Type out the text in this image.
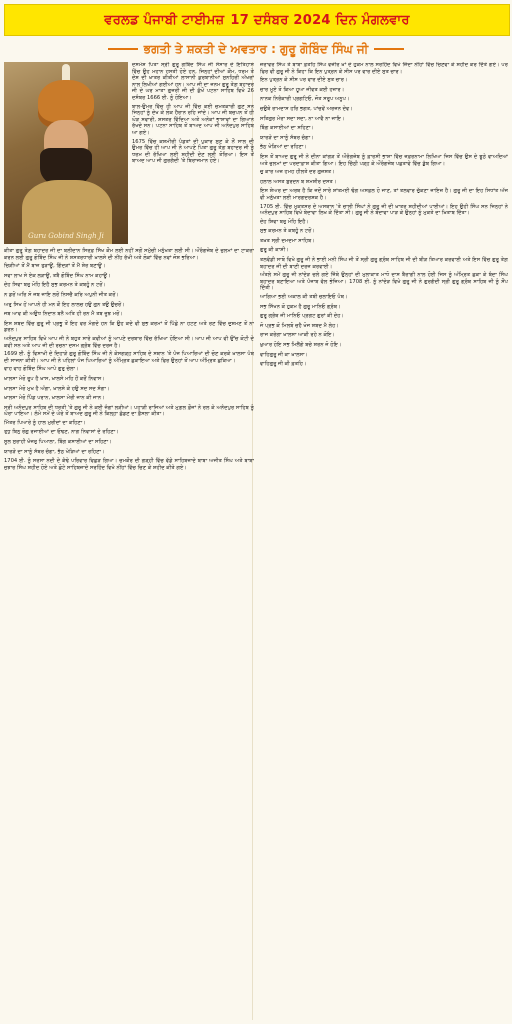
ਵਰਲਡ ਪੰਜਾਬੀ ਟਾਈਮਜ਼ 17 ਦਸੰਬਰ 2024 ਦਿਨ ਮੰਗਲਵਾਰ
ਭਗਤੀ ਤੇ ਸ਼ਕਤੀ ਦੇ ਅਵਤਾਰ : ਗੁਰੂ ਗੋਬਿੰਦ ਸਿੰਘ ਜੀ
Guru Gobind Singh Ji
ਦਸਮੇਸ਼ ਪਿਤਾ ਸ੍ਰੀ ਗੁਰੂ ਗੋਬਿੰਦ ਸਿੰਘ ਜੀ ਸੰਸਾਰ ਦੇ ਇਤਿਹਾਸ ਵਿੱਚ ਉਹ ਮਹਾਨ ਹਸਤੀ ਹੋਏ ਹਨ, ਜਿਨ੍ਹਾਂ ਦੀਆਂ ਕੌਮ, ਧਰਮ ਤੇ ਦੇਸ਼ ਦੀ ਖ਼ਾਤਰ ਕੀਤੀਆਂ ਲਾਸਾਨੀ ਕੁਰਬਾਨੀਆਂ ਸੁਨਹਿਰੀ ਅੱਖਰਾਂ ਨਾਲ ਲਿਖੀਆਂ ਗਈਆਂ ਹਨ। ਆਪ ਜੀ ਦਾ ਜਨਮ ਗੁਰੂ ਤੇਗ਼ ਬਹਾਦਰ ਜੀ ਦੇ ਘਰ ਮਾਤਾ ਗੁਜਰੀ ਜੀ ਦੀ ਕੁੱਖੋਂ ਪਟਨਾ ਸਾਹਿਬ ਵਿਖੇ 26 ਦਸੰਬਰ 1666 ਈ. ਨੂੰ ਹੋਇਆ।
ਬਾਲ-ਉਮਰ ਵਿੱਚ ਹੀ ਆਪ ਜੀ ਵਿੱਚ ਕਈ ਚਮਤਕਾਰੀ ਗੁਣ ਸਨ ਜਿਨ੍ਹਾਂ ਨੂੰ ਦੇਖ ਕੇ ਲੋਕ ਹੈਰਾਨ ਰਹਿ ਜਾਂਦੇ। ਆਪ ਜੀ ਬਚਪਨ ਤੋਂ ਹੀ ਘੋੜ ਸਵਾਰੀ, ਸ਼ਸਤਰ ਵਿੱਦਿਆ ਅਤੇ ਅਨੇਕਾਂ ਭਾਸ਼ਾਵਾਂ ਦਾ ਗਿਆਨ ਰੱਖਦੇ ਸਨ। ਪਟਨਾ ਸਾਹਿਬ ਤੋਂ ਬਾਅਦ ਆਪ ਜੀ ਅਨੰਦਪੁਰ ਸਾਹਿਬ ਆ ਗਏ।
1675 ਵਿੱਚ ਕਸ਼ਮੀਰੀ ਪੰਡਤਾਂ ਦੀ ਪੁਕਾਰ ਸੁਣ ਕੇ ਨੌਂ ਸਾਲ ਦੀ ਉਮਰ ਵਿੱਚ ਹੀ ਆਪ ਜੀ ਨੇ ਆਪਣੇ ਪਿਤਾ ਗੁਰੂ ਤੇਗ਼ ਬਹਾਦਰ ਜੀ ਨੂੰ ਧਰਮ ਦੀ ਰੱਖਿਆ ਲਈ ਸ਼ਹੀਦੀ ਦੇਣ ਲਈ ਤੋਰਿਆ। ਇਸ ਤੋਂ ਬਾਅਦ ਆਪ ਜੀ ਗੁਰਗੱਦੀ 'ਤੇ ਬਿਰਾਜਮਾਨ ਹੋਏ।
ਕੀਤਾ ਗੁਰੂ ਤੇਗ਼ ਬਹਾਦਰ ਜੀ ਦਾ ਬਲੀਦਾਨ ਸਿਰਫ਼ ਸਿੱਖ ਕੌਮ ਲਈ ਨਹੀਂ ਸਗੋਂ ਸਮੁੱਚੀ ਮਨੁੱਖਤਾ ਲਈ ਸੀ। ਔਰੰਗਜ਼ੇਬ ਦੇ ਜ਼ੁਲਮਾਂ ਦਾ ਟਾਕਰਾ ਕਰਨ ਲਈ ਗੁਰੂ ਗੋਬਿੰਦ ਸਿੰਘ ਜੀ ਨੇ ਸ਼ਸਤਰਧਾਰੀ ਖ਼ਾਲਸੇ ਦੀ ਨੀਂਹ ਰੱਖੀ ਅਤੇ ਲੋਕਾਂ ਵਿੱਚ ਨਵਾਂ ਜੋਸ਼ ਭਰਿਆ।
ਚਿੜੀਆਂ ਤੋਂ ਮੈਂ ਬਾਜ਼ ਤੁੜਾਊਂ, ਗਿੱਦੜਾਂ ਤੋਂ ਮੈਂ ਸ਼ੇਰ ਬਣਾਊਂ।
ਸਵਾ ਲਾਖ ਸੇ ਏਕ ਲੜਾਊਂ, ਤਬੈ ਗੋਬਿੰਦ ਸਿੰਘ ਨਾਮ ਕਹਾਊਂ।
ਦੇਹ ਸਿਵਾ ਬਰੁ ਮੋਹਿ ਇਹੈ ਸੁਭ ਕਰਮਨ ਤੇ ਕਬਹੂੰ ਨ ਟਰੋਂ।
ਨ ਡਰੋਂ ਅਰਿ ਸੋ ਜਬ ਜਾਇ ਲਰੋਂ ਨਿਸਚੈ ਕਰਿ ਅਪੁਨੀ ਜੀਤ ਕਰੋਂ।
ਅਰੁ ਸਿਖ ਹੋਂ ਆਪਨੇ ਹੀ ਮਨ ਕੌ ਇਹ ਲਾਲਚ ਹਉ ਗੁਨ ਤਉ ਉਚਰੋਂ।
ਜਬ ਆਵ ਕੀ ਅਉਧ ਨਿਦਾਨ ਬਨੈ ਅਤਿ ਹੀ ਰਨ ਮੈ ਤਬ ਜੂਝ ਮਰੋਂ।
ਇਸ ਸ਼ਬਦ ਵਿੱਚ ਗੁਰੂ ਜੀ ਪ੍ਰਭੂ ਤੋਂ ਇਹ ਵਰ ਮੰਗਦੇ ਹਨ ਕਿ ਉਹ ਕਦੇ ਵੀ ਸ਼ੁਭ ਕਰਮਾਂ ਤੋਂ ਪਿੱਛੇ ਨਾ ਹਟਣ ਅਤੇ ਰਣ ਵਿੱਚ ਦੁਸ਼ਮਣ ਤੋਂ ਨਾ ਡਰਨ।
ਅਨੰਦਪੁਰ ਸਾਹਿਬ ਵਿਖੇ ਆਪ ਜੀ ਨੇ ਬਹੁਤ ਸਾਰੇ ਕਵੀਆਂ ਨੂੰ ਆਪਣੇ ਦਰਬਾਰ ਵਿੱਚ ਰੱਖਿਆ ਹੋਇਆ ਸੀ। ਆਪ ਜੀ ਆਪ ਵੀ ਉੱਚ ਕੋਟੀ ਦੇ ਕਵੀ ਸਨ ਅਤੇ ਆਪ ਜੀ ਦੀ ਰਚਨਾ ਦਸਮ ਗ੍ਰੰਥ ਵਿੱਚ ਦਰਜ ਹੈ।
1699 ਈ. ਨੂੰ ਵਿਸਾਖੀ ਦੇ ਦਿਹਾੜੇ ਗੁਰੂ ਗੋਬਿੰਦ ਸਿੰਘ ਜੀ ਨੇ ਕੇਸਗੜ੍ਹ ਸਾਹਿਬ ਦੇ ਸਥਾਨ 'ਤੇ ਪੰਜ ਪਿਆਰਿਆਂ ਦੀ ਚੋਣ ਕਰਕੇ ਖ਼ਾਲਸਾ ਪੰਥ ਦੀ ਸਾਜਨਾ ਕੀਤੀ। ਆਪ ਜੀ ਨੇ ਪਹਿਲਾਂ ਪੰਜ ਪਿਆਰਿਆਂ ਨੂੰ ਅੰਮ੍ਰਿਤ ਛਕਾਇਆ ਅਤੇ ਫਿਰ ਉਨ੍ਹਾਂ ਤੋਂ ਆਪ ਅੰਮ੍ਰਿਤ ਛਕਿਆ।
ਵਾਹ ਵਾਹ ਗੋਬਿੰਦ ਸਿੰਘ ਆਪੇ ਗੁਰੁ ਚੇਲਾ।
ਖ਼ਾਲਸਾ ਮੇਰੋ ਰੂਪ ਹੈ ਖ਼ਾਸ, ਖ਼ਾਲਸੇ ਮਹਿ ਹੌਂ ਕਰੌਂ ਨਿਵਾਸ।
ਖ਼ਾਲਸਾ ਮੇਰੋ ਮੁਖ ਹੈ ਅੰਗਾ, ਖ਼ਾਲਸੇ ਕੇ ਹਉ ਸਦ ਸਦ ਸੰਗਾ।
ਖ਼ਾਲਸਾ ਮੇਰੋ ਪਿੰਡ ਪਰਾਨ, ਖ਼ਾਲਸਾ ਮੇਰੀ ਜਾਨ ਕੀ ਜਾਨ।
ਸ੍ਰੀ ਅਨੰਦਪੁਰ ਸਾਹਿਬ ਦੀ ਧਰਤੀ 'ਤੇ ਗੁਰੂ ਜੀ ਨੇ ਕਈ ਜੰਗਾਂ ਲੜੀਆਂ। ਪਹਾੜੀ ਰਾਜਿਆਂ ਅਤੇ ਮੁਗ਼ਲ ਫ਼ੌਜਾਂ ਨੇ ਰਲ ਕੇ ਅਨੰਦਪੁਰ ਸਾਹਿਬ ਨੂੰ ਘੇਰਾ ਪਾਇਆ। ਲੰਮੇ ਸਮੇਂ ਦੇ ਘੇਰੇ ਤੋਂ ਬਾਅਦ ਗੁਰੂ ਜੀ ਨੇ ਕਿਲ੍ਹਾ ਛੱਡਣ ਦਾ ਫ਼ੈਸਲਾ ਕੀਤਾ।
ਮਿੱਤਰ ਪਿਆਰੇ ਨੂੰ ਹਾਲ ਮੁਰੀਦਾਂ ਦਾ ਕਹਿਣਾ।
ਤੁਧੁ ਬਿਨੁ ਰੋਗੁ ਰਜਾਈਆਂ ਦਾ ਓਢਣ, ਨਾਗ ਨਿਵਾਸਾਂ ਦੇ ਰਹਿਣਾ।
ਸੂਲ ਸੁਰਾਹੀ ਖੰਜਰੁ ਪਿਆਲਾ, ਬਿੰਗ ਕਸਾਈਆਂ ਦਾ ਸਹਿਣਾ।
ਯਾਰੜੇ ਦਾ ਸਾਨੂੰ ਸੱਥਰ ਚੰਗਾ, ਭੱਠ ਖੇੜਿਆਂ ਦਾ ਰਹਿਣਾ।
1704 ਈ. ਨੂੰ ਸਰਸਾ ਨਦੀ ਦੇ ਕੰਢੇ ਪਰਿਵਾਰ ਵਿਛੜ ਗਿਆ। ਚਮਕੌਰ ਦੀ ਗੜ੍ਹੀ ਵਿੱਚ ਵੱਡੇ ਸਾਹਿਬਜ਼ਾਦੇ ਬਾਬਾ ਅਜੀਤ ਸਿੰਘ ਅਤੇ ਬਾਬਾ ਜੁਝਾਰ ਸਿੰਘ ਸ਼ਹੀਦ ਹੋਏ ਅਤੇ ਛੋਟੇ ਸਾਹਿਬਜ਼ਾਦੇ ਸਰਹਿੰਦ ਵਿਖੇ ਨੀਂਹਾਂ ਵਿੱਚ ਚਿਣ ਕੇ ਸ਼ਹੀਦ ਕੀਤੇ ਗਏ।
ਜ਼ੋਰਾਵਰ ਸਿੰਘ ਤੇ ਬਾਬਾ ਫ਼ਤਹਿ ਸਿੰਘ ਵਜ਼ੀਰ ਖ਼ਾਂ ਦੇ ਹੁਕਮ ਨਾਲ ਸਰਹਿੰਦ ਵਿਖੇ ਜ਼ਿੰਦਾ ਨੀਂਹਾਂ ਵਿੱਚ ਚਿਣਵਾ ਕੇ ਸ਼ਹੀਦ ਕਰ ਦਿੱਤੇ ਗਏ। ਪਰ ਫਿਰ ਵੀ ਗੁਰੂ ਜੀ ਨੇ ਕਿਹਾ ਕਿ ਇਨ ਪੁਤ੍ਰਨ ਕੇ ਸੀਸ ਪਰ ਵਾਰ ਦੀਏ ਸੁਤ ਚਾਰ।
ਇਨ ਪੁਤ੍ਰਨ ਕੇ ਸੀਸ ਪਰ ਵਾਰ ਦੀਏ ਸੁਤ ਚਾਰ।
ਚਾਰ ਮੂਏ ਤੋ ਕਿਆ ਹੂਆ ਜੀਵਤ ਕਈ ਹਜ਼ਾਰ।
ਨਾਨਕ ਨਿਰੰਕਾਰੀ ਪ੍ਰਗਟਿਓ, ਜੋਤ ਸਰੂਪ ਅਨੂਪ।
ਚਉਥੇ ਰਾਮਦਾਸ ਹਰਿ ਭਗਤ, ਪਾਂਚਵੇਂ ਅਰਜਨ ਦੇਵ।
ਸਤਿਗੁਰ ਮੇਰਾ ਸਦਾ ਸਦਾ, ਨਾ ਆਵੈ ਨਾ ਜਾਇ।
ਬਿੰਗ ਕਸਾਈਆਂ ਦਾ ਸਹਿਣਾ।
ਯਾਰੜੇ ਦਾ ਸਾਨੂੰ ਸੱਥਰ ਚੰਗਾ।
ਭੱਠ ਖੇੜਿਆਂ ਦਾ ਰਹਿਣਾ।
ਇਸ ਤੋਂ ਬਾਅਦ ਗੁਰੂ ਜੀ ਨੇ ਦੀਨਾ ਕਾਂਗੜ ਤੋਂ ਔਰੰਗਜ਼ੇਬ ਨੂੰ ਫ਼ਾਰਸੀ ਭਾਸ਼ਾ ਵਿੱਚ ਜ਼ਫ਼ਰਨਾਮਾ ਲਿਖਿਆ ਜਿਸ ਵਿੱਚ ਉਸ ਦੇ ਝੂਠੇ ਵਾਅਦਿਆਂ ਅਤੇ ਜ਼ੁਲਮਾਂ ਦਾ ਪਰਦਾਫ਼ਾਸ਼ ਕੀਤਾ ਗਿਆ। ਇਹ ਚਿੱਠੀ ਪੜ੍ਹ ਕੇ ਔਰੰਗਜ਼ੇਬ ਪਛਤਾਵੇ ਵਿੱਚ ਡੁੱਬ ਗਿਆ।
ਚੁ ਕਾਰ ਅਜ਼ ਹਮਹ ਹੀਲਤੇ ਦਰ ਗੁਜ਼ਸ਼ਤ।
ਹਲਾਲ ਅਸਤ ਬੁਰਦਨ ਬ ਸ਼ਮਸ਼ੀਰ ਦਸਤ।
ਇਸ ਸ਼ੇਅਰ ਦਾ ਅਰਥ ਹੈ ਕਿ ਜਦੋਂ ਸਾਰੇ ਸ਼ਾਂਤਮਈ ਢੰਗ ਅਸਫ਼ਲ ਹੋ ਜਾਣ, ਤਾਂ ਤਲਵਾਰ ਚੁੱਕਣਾ ਜਾਇਜ਼ ਹੈ। ਗੁਰੂ ਜੀ ਦਾ ਇਹ ਸਿਧਾਂਤ ਅੱਜ ਵੀ ਮਨੁੱਖਤਾ ਲਈ ਮਾਰਗਦਰਸ਼ਕ ਹੈ।
1705 ਈ. ਵਿੱਚ ਮੁਕਤਸਰ ਦੇ ਅਸਥਾਨ 'ਤੇ ਚਾਲੀ ਸਿੰਘਾਂ ਨੇ ਗੁਰੂ ਜੀ ਦੀ ਖ਼ਾਤਰ ਸ਼ਹੀਦੀਆਂ ਪਾਈਆਂ। ਇਹ ਉਹੀ ਸਿੰਘ ਸਨ ਜਿਨ੍ਹਾਂ ਨੇ ਅਨੰਦਪੁਰ ਸਾਹਿਬ ਵਿਖੇ ਬੇਦਾਵਾ ਲਿਖ ਕੇ ਦਿੱਤਾ ਸੀ। ਗੁਰੂ ਜੀ ਨੇ ਬੇਦਾਵਾ ਪਾੜ ਕੇ ਉਨ੍ਹਾਂ ਨੂੰ ਮੁਕਤੇ ਦਾ ਖ਼ਿਤਾਬ ਦਿੱਤਾ।
ਦੇਹ ਸ਼ਿਵਾ ਬਰੁ ਮੋਹਿ ਇਹੈ।
ਸੁਭ ਕਰਮਨ ਤੇ ਕਬਹੂੰ ਨ ਟਰੋਂ।
ਤਖ਼ਤ ਸ੍ਰੀ ਦਮਦਮਾ ਸਾਹਿਬ।
ਗੁਰੂ ਕੀ ਕਾਸ਼ੀ।
ਤਲਵੰਡੀ ਸਾਬੋ ਵਿਖੇ ਗੁਰੂ ਜੀ ਨੇ ਭਾਈ ਮਨੀ ਸਿੰਘ ਜੀ ਤੋਂ ਸ੍ਰੀ ਗੁਰੂ ਗ੍ਰੰਥ ਸਾਹਿਬ ਜੀ ਦੀ ਬੀੜ ਤਿਆਰ ਕਰਵਾਈ ਅਤੇ ਇਸ ਵਿੱਚ ਗੁਰੂ ਤੇਗ਼ ਬਹਾਦਰ ਜੀ ਦੀ ਬਾਣੀ ਦਰਜ ਕਰਵਾਈ।
ਅੰਤਲੇ ਸਮੇਂ ਗੁਰੂ ਜੀ ਨਾਂਦੇੜ ਚਲੇ ਗਏ ਜਿੱਥੇ ਉਨ੍ਹਾਂ ਦੀ ਮੁਲਾਕਾਤ ਮਾਧੋ ਦਾਸ ਬੈਰਾਗੀ ਨਾਲ ਹੋਈ ਜਿਸ ਨੂੰ ਅੰਮ੍ਰਿਤ ਛਕਾ ਕੇ ਬੰਦਾ ਸਿੰਘ ਬਹਾਦਰ ਬਣਾਇਆ ਅਤੇ ਪੰਜਾਬ ਵੱਲ ਭੇਜਿਆ। 1708 ਈ. ਨੂੰ ਨਾਂਦੇੜ ਵਿਖੇ ਗੁਰੂ ਜੀ ਨੇ ਗੁਰਗੱਦੀ ਸ੍ਰੀ ਗੁਰੂ ਗ੍ਰੰਥ ਸਾਹਿਬ ਜੀ ਨੂੰ ਸੌਂਪ ਦਿੱਤੀ।
ਆਗਿਆ ਭਈ ਅਕਾਲ ਕੀ ਤਬੀ ਚਲਾਇਓ ਪੰਥ।
ਸਭ ਸਿੱਖਨ ਕੋ ਹੁਕਮ ਹੈ ਗੁਰੂ ਮਾਨਿਓ ਗ੍ਰੰਥ।
ਗੁਰੂ ਗ੍ਰੰਥ ਜੀ ਮਾਨਿਓ ਪ੍ਰਗਟ ਗੁਰਾਂ ਕੀ ਦੇਹ।
ਜੋ ਪ੍ਰਭ ਕੋ ਮਿਲਬੋ ਚਹੈ ਖੋਜ ਸ਼ਬਦ ਮੈ ਲੇਹ।
ਰਾਜ ਕਰੇਗਾ ਖ਼ਾਲਸਾ ਆਕੀ ਰਹੇ ਨ ਕੋਇ।
ਖ਼ੁਆਰ ਹੋਇ ਸਭ ਮਿਲੈਂਗੇ ਬਚੇ ਸ਼ਰਨ ਜੋ ਹੋਇ।
ਵਾਹਿਗੁਰੂ ਜੀ ਕਾ ਖ਼ਾਲਸਾ।
ਵਾਹਿਗੁਰੂ ਜੀ ਕੀ ਫ਼ਤਹਿ।
